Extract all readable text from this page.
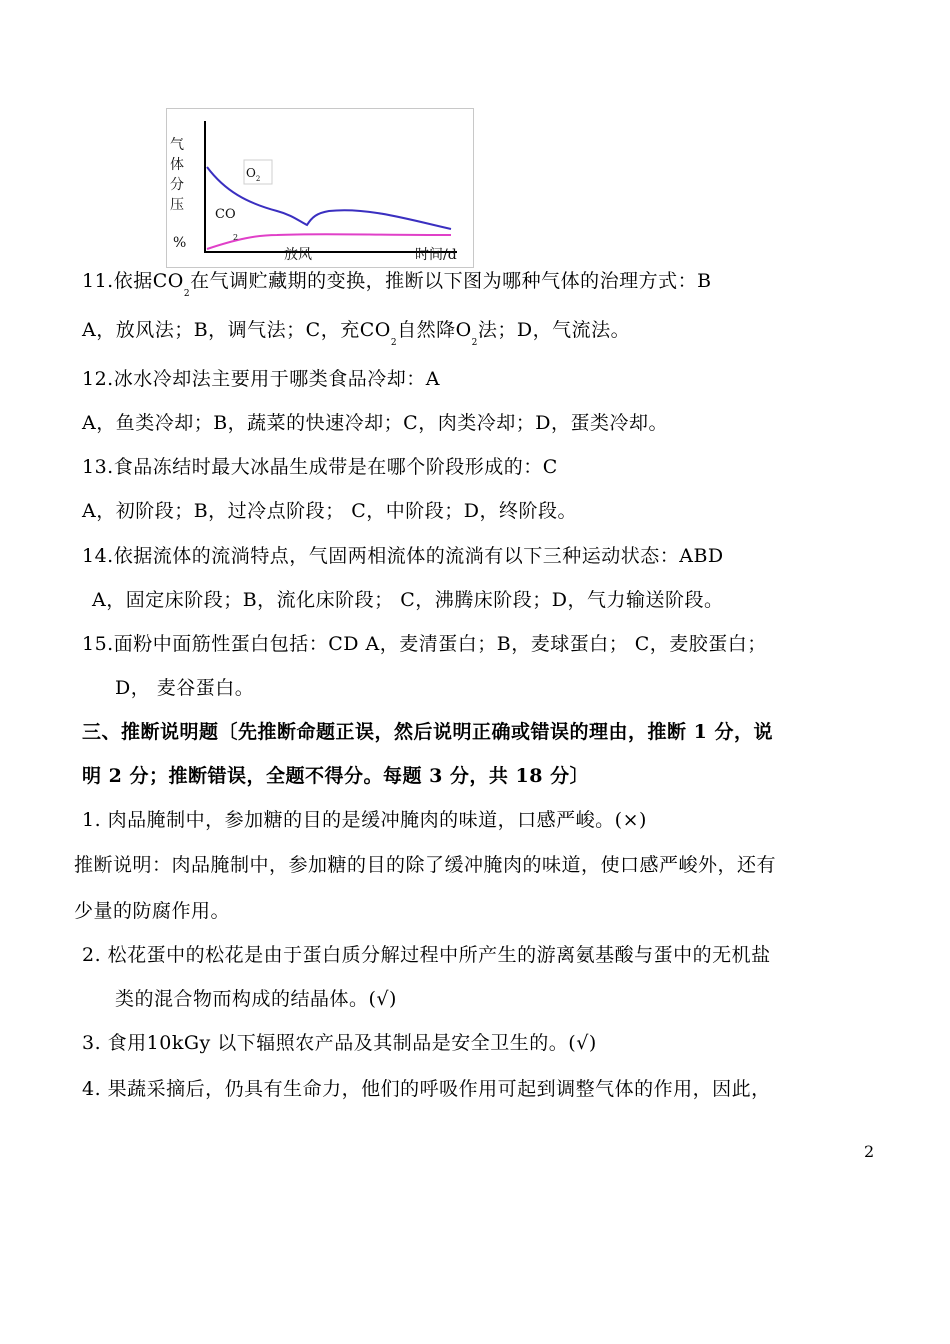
气
体
分
压
%
$O_2$
CO
2
放风	时间/d
11.依据$CO_2$在气调贮藏期的变换，推断以下图为哪种气体的治理方式：B
A，放风法；B，调气法；C，充$CO_2$自然降$O_2$法；D，气流法。
12.冰水冷却法主要用于哪类食品冷却：A
A，鱼类冷却；B，蔬菜的快速冷却；C，肉类冷却；D，蛋类冷却。
13.食品冻结时最大冰晶生成带是在哪个阶段形成的：C
A，初阶段；B，过冷点阶段； C，中阶段；D，终阶段。
14.依据流体的流淌特点，气固两相流体的流淌有以下三种运动状态：ABD
A，固定床阶段；B，流化床阶段； C，沸腾床阶段；D，气力输送阶段。
15.面粉中面筋性蛋白包括：CD A，麦清蛋白；B，麦球蛋白； C，麦胶蛋白；
D， 麦谷蛋白。
三、推断说明题〔先推断命题正误，然后说明正确或错误的理由，推断 1 分，说
明 2 分；推断错误，全题不得分。每题 3 分，共 18 分〕
1. 肉品腌制中，参加糖的目的是缓冲腌肉的味道，口感严峻。(×)
推断说明：肉品腌制中，参加糖的目的除了缓冲腌肉的味道，使口感严峻外，还有
少量的防腐作用。
2. 松花蛋中的松花是由于蛋白质分解过程中所产生的游离氨基酸与蛋中的无机盐
类的混合物而构成的结晶体。(√)
3. 食用10kGy 以下辐照农产品及其制品是安全卫生的。(√)
4. 果蔬采摘后，仍具有生命力，他们的呼吸作用可起到调整气体的作用，因此，
2
